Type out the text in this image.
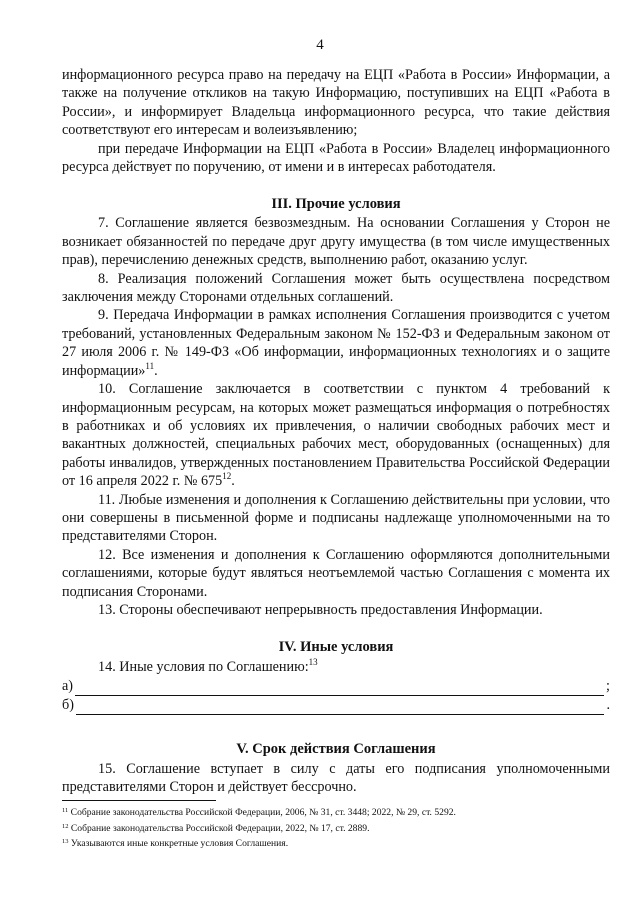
4

информационного ресурса право на передачу на ЕЦП «Работа в России» Информации, а также на получение откликов на такую Информацию, поступивших на ЕЦП «Работа в России», и информирует Владельца информационного ресурса, что такие действия соответствуют его интересам и волеизъявлению;

при передаче Информации на ЕЦП «Работа в России» Владелец информационного ресурса действует по поручению, от имени и в интересах работодателя.

III. Прочие условия

7. Соглашение является безвозмездным. На основании Соглашения у Сторон не возникает обязанностей по передаче друг другу имущества (в том числе имущественных прав), перечислению денежных средств, выполнению работ, оказанию услуг.

8. Реализация положений Соглашения может быть осуществлена посредством заключения между Сторонами отдельных соглашений.

9. Передача Информации в рамках исполнения Соглашения производится с учетом требований, установленных Федеральным законом № 152-ФЗ и Федеральным законом от 27 июля 2006 г. № 149-ФЗ «Об информации, информационных технологиях и о защите информации»$^{11}$.

10. Соглашение заключается в соответствии с пунктом 4 требований к информационным ресурсам, на которых может размещаться информация о потребностях в работниках и об условиях их привлечения, о наличии свободных рабочих мест и вакантных должностей, специальных рабочих мест, оборудованных (оснащенных) для работы инвалидов, утвержденных постановлением Правительства Российской Федерации от 16 апреля 2022 г. № $675^{12}$.

11. Любые изменения и дополнения к Соглашению действительны при условии, что они совершены в письменной форме и подписаны надлежаще уполномоченными на то представителями Сторон.

12. Все изменения и дополнения к Соглашению оформляются дополнительными соглашениями, которые будут являться неотъемлемой частью Соглашения с момента их подписания Сторонами.

13. Стороны обеспечивают непрерывность предоставления Информации.

IV. Иные условия

14. Иные условия по Соглашению:$^{13}$

а)	;
б)	.
V. Срок действия Соглашения

15. Соглашение вступает в силу с даты его подписания уполномоченными представителями Сторон и действует бессрочно.

$^{11}$ Собрание законодательства Российской Федерации, 2006, № 31, ст. 3448; 2022, № 29, ст. 5292.
$^{12}$ Собрание законодательства Российской Федерации, 2022, № 17, ст. 2889.
$^{13}$ Указываются иные конкретные условия Соглашения.
